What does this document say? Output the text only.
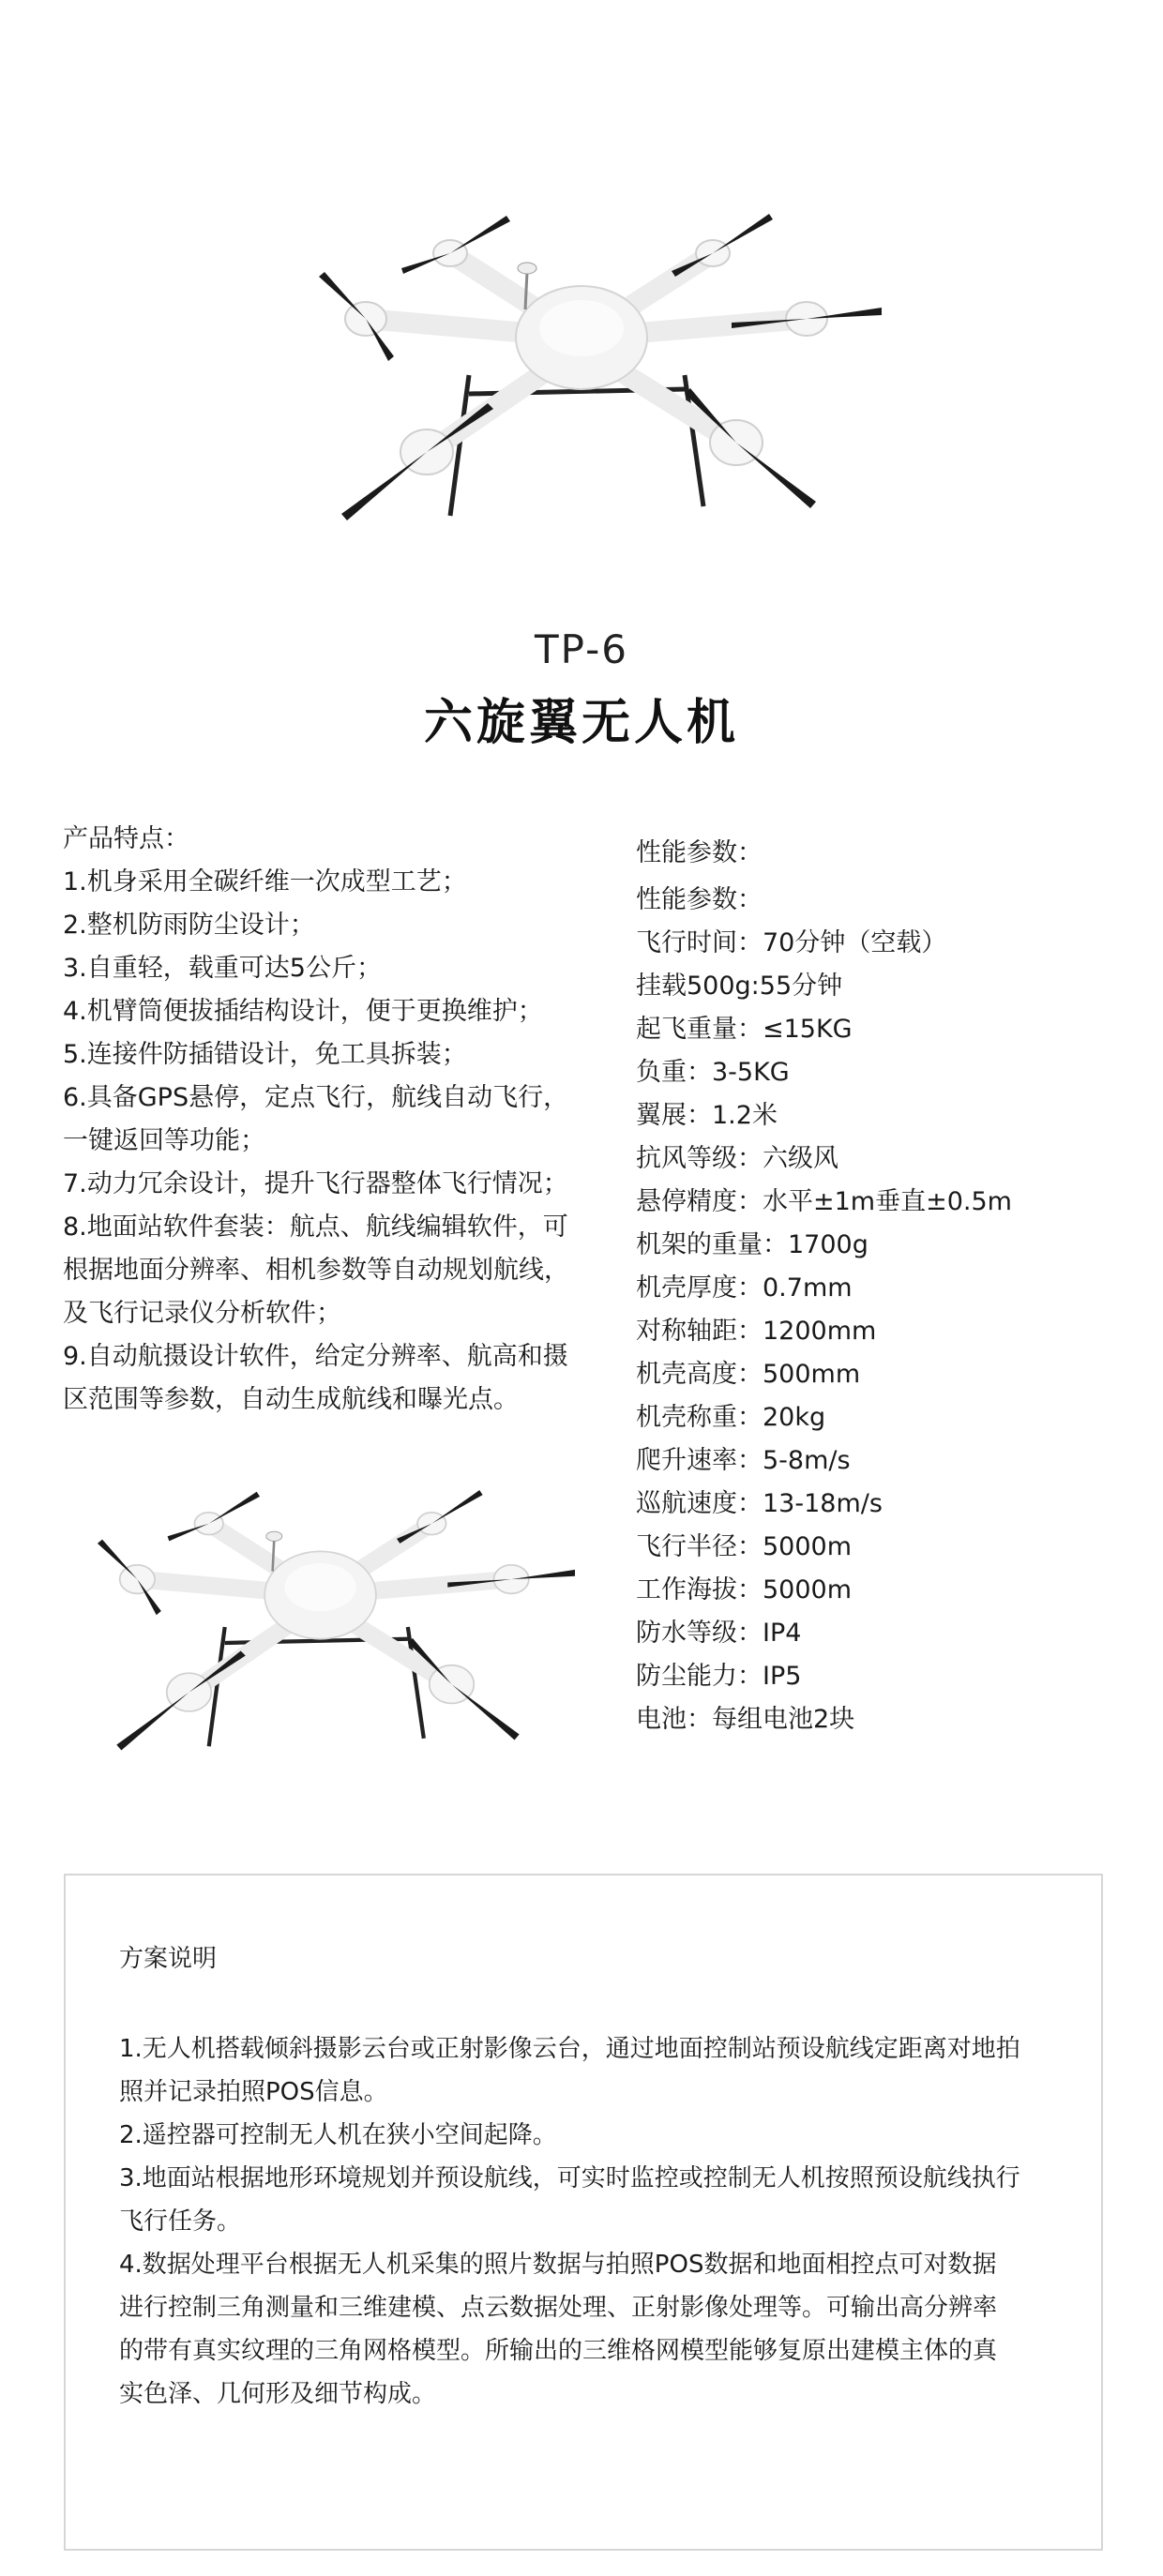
TP-6
六旋翼无人机

产品特点：

1.机身采用全碳纤维一次成型工艺；

2.整机防雨防尘设计；

3.自重轻，载重可达5公斤；

4.机臂筒便拔插结构设计，便于更换维护；

5.连接件防插错设计，免工具拆装；

6.具备GPS悬停，定点飞行，航线自动飞行，

一键返回等功能；

7.动力冗余设计，提升飞行器整体飞行情况；

8.地面站软件套装：航点、航线编辑软件，可

根据地面分辨率、相机参数等自动规划航线，

及飞行记录仪分析软件；

9.自动航摄设计软件，给定分辨率、航高和摄

区范围等参数，自动生成航线和曝光点。

性能参数：

性能参数：

飞行时间：70分钟（空载）

挂载500g:55分钟

起飞重量：≤15KG

负重：3-5KG

翼展：1.2米

抗风等级：六级风

悬停精度：水平±1m垂直±0.5m

机架的重量：1700g

机壳厚度：0.7mm

对称轴距：1200mm

机壳高度：500mm

机壳称重：20kg

爬升速率：5-8m/s

巡航速度：13-18m/s

飞行半径：5000m

工作海拔：5000m

防水等级：IP4

防尘能力：IP5

电池：每组电池2块

方案说明

1.无人机搭载倾斜摄影云台或正射影像云台，通过地面控制站预设航线定距离对地拍

照并记录拍照POS信息。

2.遥控器可控制无人机在狭小空间起降。

3.地面站根据地形环境规划并预设航线，可实时监控或控制无人机按照预设航线执行

飞行任务。

4.数据处理平台根据无人机采集的照片数据与拍照POS数据和地面相控点可对数据

进行控制三角测量和三维建模、点云数据处理、正射影像处理等。可输出高分辨率

的带有真实纹理的三角网格模型。所输出的三维格网模型能够复原出建模主体的真

实色泽、几何形及细节构成。
